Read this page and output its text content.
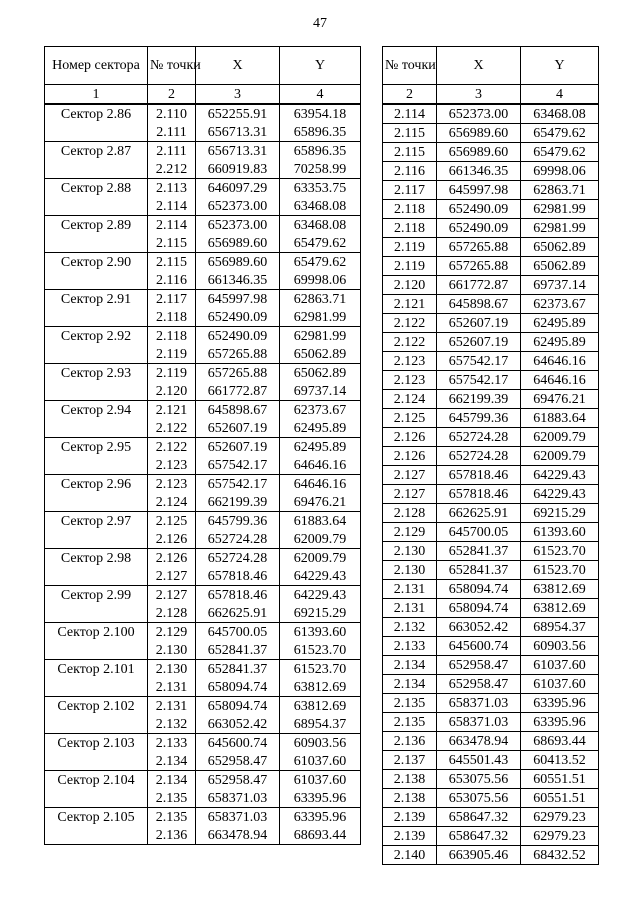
47
Номер сектора	№ точки	X	Y
1	2	3	4
Сектор 2.86	2.110	652255.91	63954.18
	2.111	656713.31	65896.35
Сектор 2.87	2.111	656713.31	65896.35
	2.212	660919.83	70258.99
Сектор 2.88	2.113	646097.29	63353.75
	2.114	652373.00	63468.08
Сектор 2.89	2.114	652373.00	63468.08
	2.115	656989.60	65479.62
Сектор 2.90	2.115	656989.60	65479.62
	2.116	661346.35	69998.06
Сектор 2.91	2.117	645997.98	62863.71
	2.118	652490.09	62981.99
Сектор 2.92	2.118	652490.09	62981.99
	2.119	657265.88	65062.89
Сектор 2.93	2.119	657265.88	65062.89
	2.120	661772.87	69737.14
Сектор 2.94	2.121	645898.67	62373.67
	2.122	652607.19	62495.89
Сектор 2.95	2.122	652607.19	62495.89
	2.123	657542.17	64646.16
Сектор 2.96	2.123	657542.17	64646.16
	2.124	662199.39	69476.21
Сектор 2.97	2.125	645799.36	61883.64
	2.126	652724.28	62009.79
Сектор 2.98	2.126	652724.28	62009.79
	2.127	657818.46	64229.43
Сектор 2.99	2.127	657818.46	64229.43
	2.128	662625.91	69215.29
Сектор 2.100	2.129	645700.05	61393.60
	2.130	652841.37	61523.70
Сектор 2.101	2.130	652841.37	61523.70
	2.131	658094.74	63812.69
Сектор 2.102	2.131	658094.74	63812.69
	2.132	663052.42	68954.37
Сектор 2.103	2.133	645600.74	60903.56
	2.134	652958.47	61037.60
Сектор 2.104	2.134	652958.47	61037.60
	2.135	658371.03	63395.96
Сектор 2.105	2.135	658371.03	63395.96
	2.136	663478.94	68693.44
№ точки	X	Y
2	3	4
2.114	652373.00	63468.08
2.115	656989.60	65479.62
2.115	656989.60	65479.62
2.116	661346.35	69998.06
2.117	645997.98	62863.71
2.118	652490.09	62981.99
2.118	652490.09	62981.99
2.119	657265.88	65062.89
2.119	657265.88	65062.89
2.120	661772.87	69737.14
2.121	645898.67	62373.67
2.122	652607.19	62495.89
2.122	652607.19	62495.89
2.123	657542.17	64646.16
2.123	657542.17	64646.16
2.124	662199.39	69476.21
2.125	645799.36	61883.64
2.126	652724.28	62009.79
2.126	652724.28	62009.79
2.127	657818.46	64229.43
2.127	657818.46	64229.43
2.128	662625.91	69215.29
2.129	645700.05	61393.60
2.130	652841.37	61523.70
2.130	652841.37	61523.70
2.131	658094.74	63812.69
2.131	658094.74	63812.69
2.132	663052.42	68954.37
2.133	645600.74	60903.56
2.134	652958.47	61037.60
2.134	652958.47	61037.60
2.135	658371.03	63395.96
2.135	658371.03	63395.96
2.136	663478.94	68693.44
2.137	645501.43	60413.52
2.138	653075.56	60551.51
2.138	653075.56	60551.51
2.139	658647.32	62979.23
2.139	658647.32	62979.23
2.140	663905.46	68432.52
